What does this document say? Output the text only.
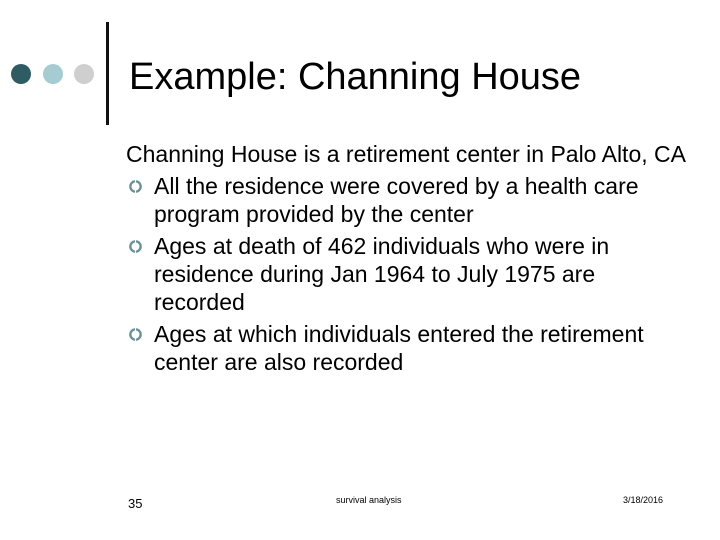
Example: Channing House

Channing House is a retirement center in Palo Alto, CA

All the residence were covered by a health care program provided by the center
Ages at death of 462 individuals who were in residence during Jan 1964 to July 1975 are recorded
Ages at which individuals entered the retirement center are also recorded
35	survival analysis	3/18/2016
